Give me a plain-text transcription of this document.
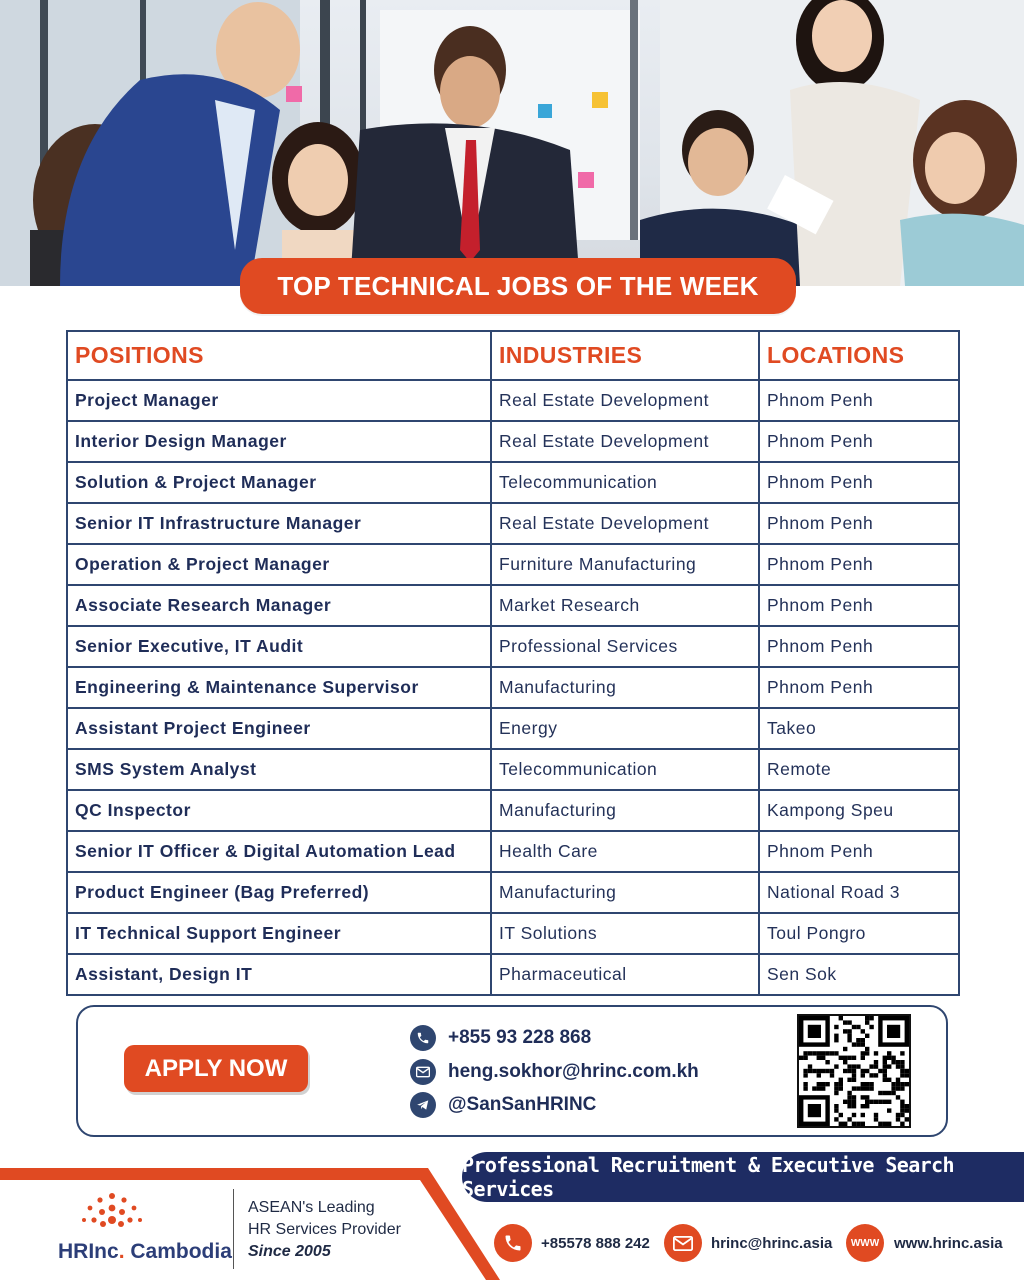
TOP TECHNICAL JOBS OF THE WEEK
POSITIONS	INDUSTRIES	LOCATIONS
Project Manager	Real Estate Development	Phnom Penh
Interior Design Manager	Real Estate Development	Phnom Penh
Solution & Project Manager	Telecommunication	Phnom Penh
Senior IT Infrastructure Manager	Real Estate Development	Phnom Penh
Operation & Project Manager	Furniture Manufacturing	Phnom Penh
Associate Research Manager	Market Research	Phnom Penh
Senior Executive, IT Audit	Professional Services	Phnom Penh
Engineering & Maintenance Supervisor	Manufacturing	Phnom Penh
Assistant Project Engineer	Energy	Takeo
SMS System Analyst	Telecommunication	Remote
QC Inspector	Manufacturing	Kampong Speu
Senior IT Officer & Digital Automation Lead	Health Care	Phnom Penh
Product Engineer (Bag Preferred)	Manufacturing	National Road 3
IT Technical Support Engineer	IT Solutions	Toul Pongro
Assistant, Design IT	Pharmaceutical	Sen Sok
APPLY NOW
+855 93 228 868
heng.sokhor@hrinc.com.kh
@SanSanHRINC
Professional Recruitment & Executive Search Services
HRInc. Cambodia
ASEAN's Leading
HR Services Provider
Since 2005	+85578 888 242	hrinc@hrinc.asia WWW www.hrinc.asia
